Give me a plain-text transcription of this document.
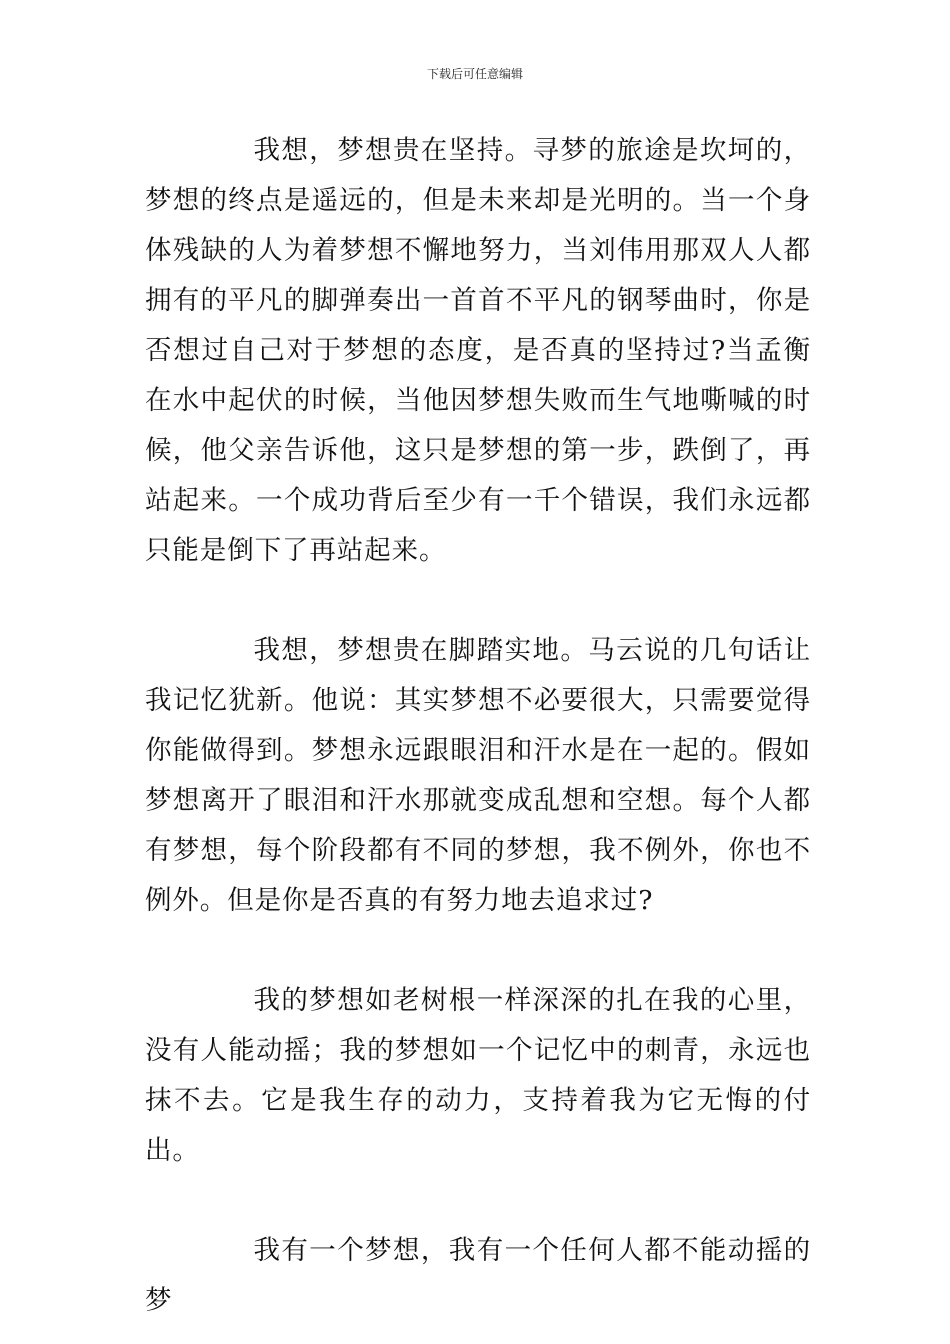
下载后可任意编辑

我想，梦想贵在坚持。寻梦的旅途是坎坷的，梦想的终点是遥远的，但是未来却是光明的。当一个身体残缺的人为着梦想不懈地努力，当刘伟用那双人人都拥有的平凡的脚弹奏出一首首不平凡的钢琴曲时，你是否想过自己对于梦想的态度，是否真的坚持过?当孟衡在水中起伏的时候，当他因梦想失败而生气地嘶喊的时候，他父亲告诉他，这只是梦想的第一步，跌倒了，再站起来。一个成功背后至少有一千个错误，我们永远都只能是倒下了再站起来。

我想，梦想贵在脚踏实地。马云说的几句话让我记忆犹新。他说：其实梦想不必要很大，只需要觉得你能做得到。梦想永远跟眼泪和汗水是在一起的。假如梦想离开了眼泪和汗水那就变成乱想和空想。每个人都有梦想，每个阶段都有不同的梦想，我不例外，你也不例外。但是你是否真的有努力地去追求过?

我的梦想如老树根一样深深的扎在我的心里，没有人能动摇；我的梦想如一个记忆中的刺青，永远也抹不去。它是我生存的动力，支持着我为它无悔的付出。

我有一个梦想，我有一个任何人都不能动摇的梦
